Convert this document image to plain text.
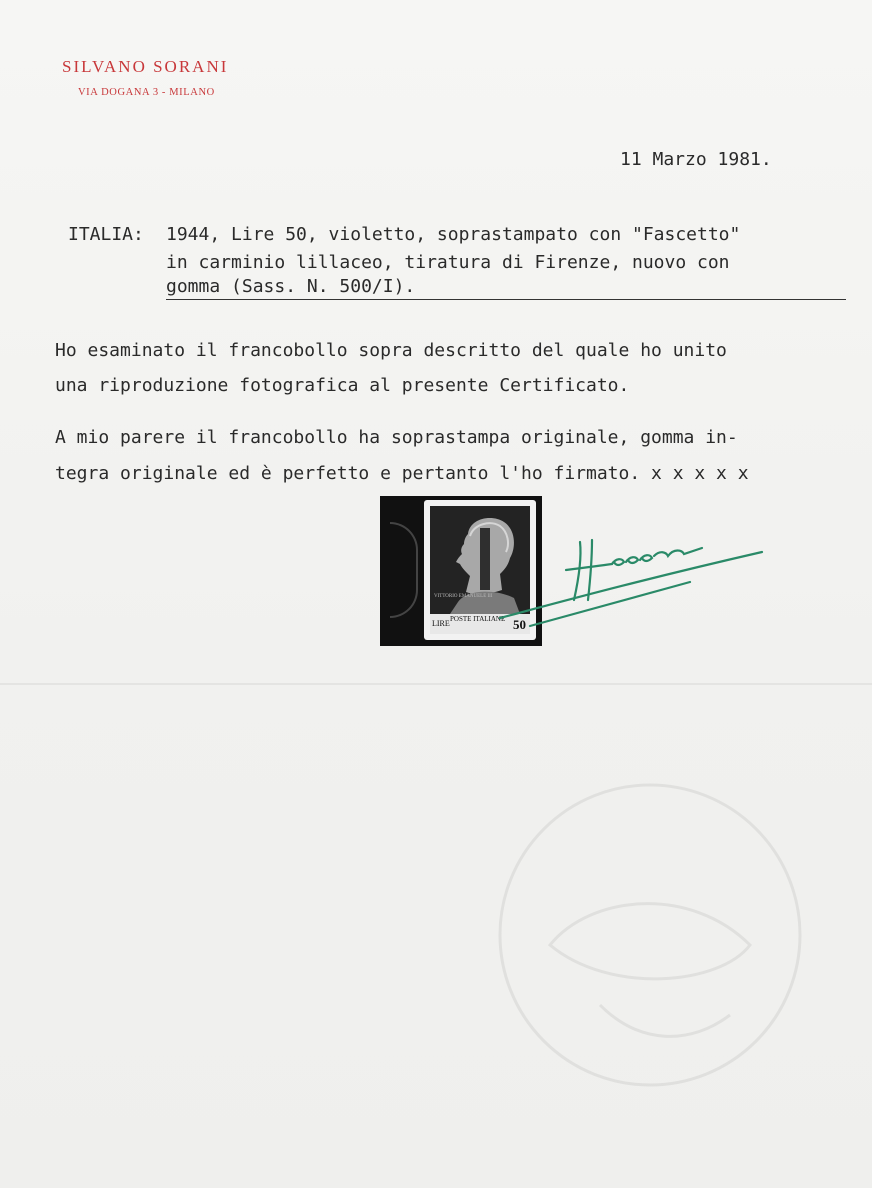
SILVANO SORANI
VIA DOGANA 3 - MILANO
11 Marzo 1981.
ITALIA: 1944, Lire 50, violetto, soprastampato con "Fascetto"
in carminio lillaceo, tiratura di Firenze, nuovo con
gomma (Sass. N. 500/I).
Ho esaminato il francobollo sopra descritto del quale ho unito
una riproduzione fotografica al presente Certificato.
A mio parere il francobollo ha soprastampa originale, gomma in-
tegra originale ed è perfetto e pertanto l'ho firmato. x x x x x
VITTORIO EMANUELE III
LIRE POSTE ITALIANE 50
